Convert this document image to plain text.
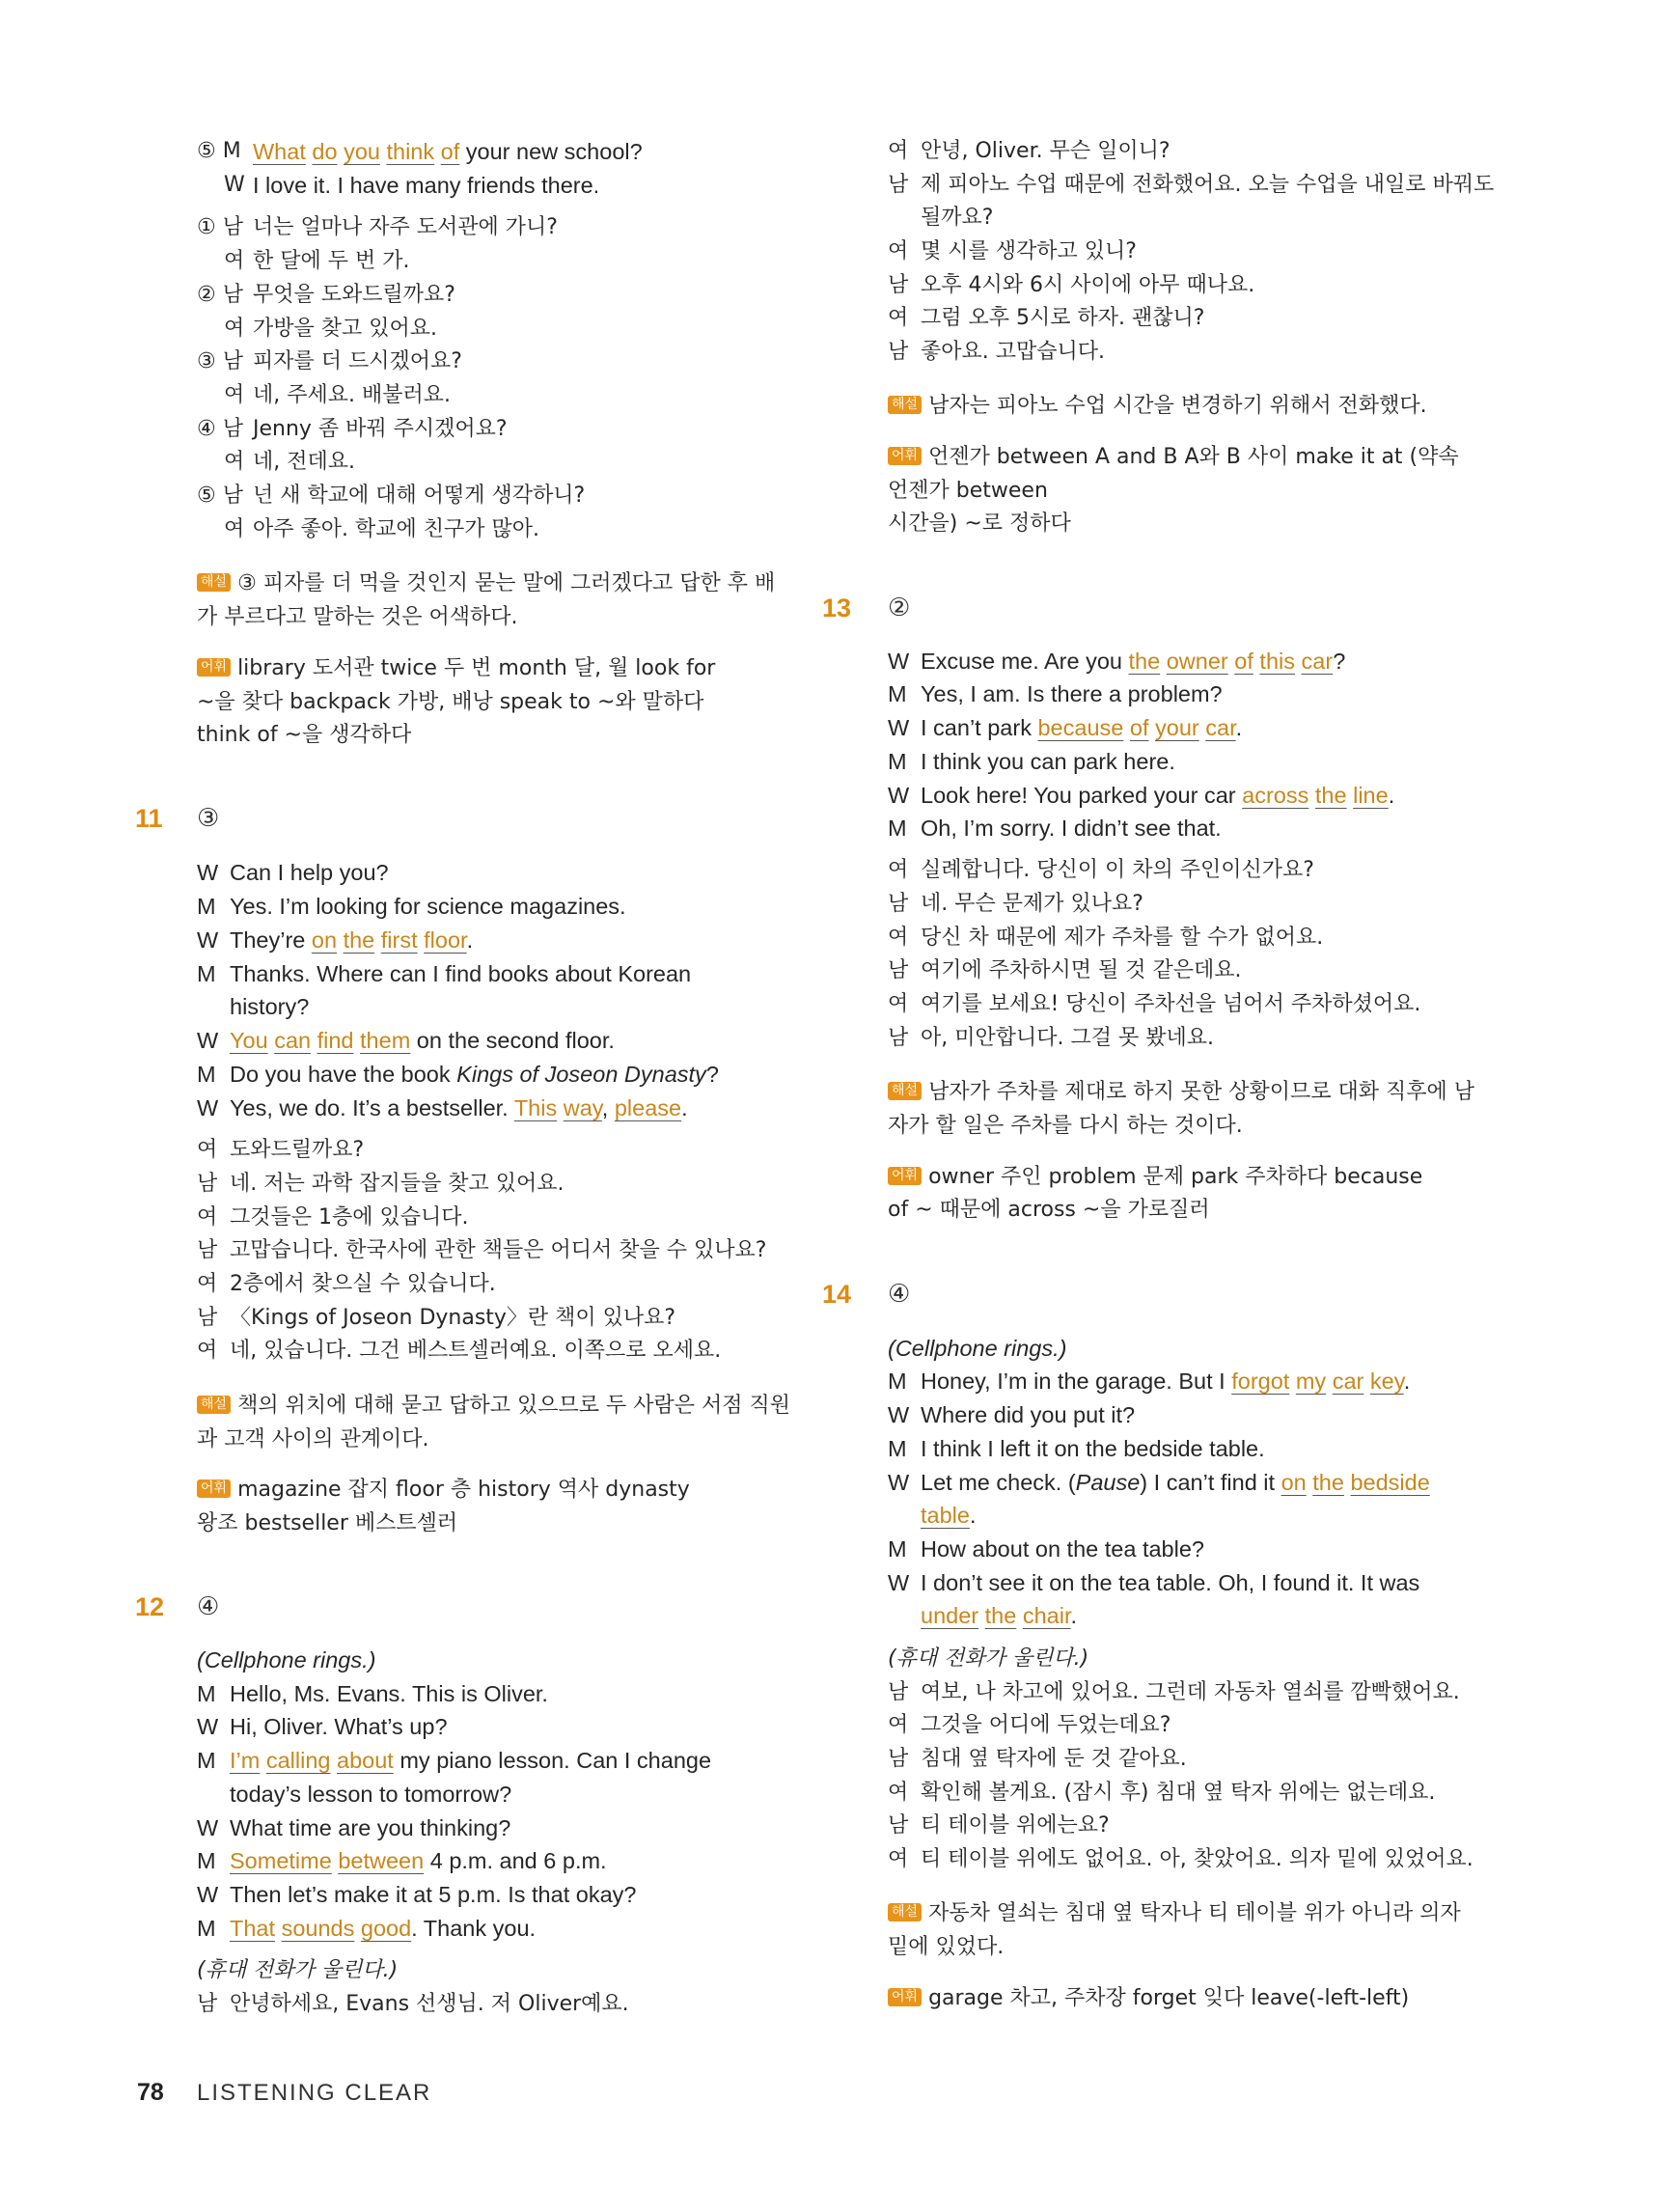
⑤ M What do you think of your new school?
W I love it. I have many friends there.
① 남 너는 얼마나 자주 도서관에 가니?
여 한 달에 두 번 가.
② 남 무엇을 도와드릴까요?
여 가방을 찾고 있어요.
③ 남 피자를 더 드시겠어요?
여 네, 주세요. 배불러요.
④ 남 Jenny 좀 바꿔 주시겠어요?
여 네, 전데요.
⑤ 남 넌 새 학교에 대해 어떻게 생각하니?
여 아주 좋아. 학교에 친구가 많아.
해설 ③ 피자를 더 먹을 것인지 묻는 말에 그러겠다고 답한 후 배
가 부르다고 말하는 것은 어색하다.
어휘 library 도서관 twice 두 번 month 달, 월 look for
~을 찾다 backpack 가방, 배낭 speak to ~와 말하다
think of ~을 생각하다
W Can I help you?
M Yes. I’m looking for science magazines.
W They’re on the first floor.
M Thanks. Where can I find books about Korean
history?
W You can find them on the second floor.
M Do you have the book Kings of Joseon Dynasty?
W Yes, we do. It’s a bestseller. This way, please.
여 도와드릴까요?
남 네. 저는 과학 잡지들을 찾고 있어요.
여 그것들은 1층에 있습니다.
남 고맙습니다. 한국사에 관한 책들은 어디서 찾을 수 있나요?
여 2층에서 찾으실 수 있습니다.
남 〈Kings of Joseon Dynasty〉란 책이 있나요?
여 네, 있습니다. 그건 베스트셀러예요. 이쪽으로 오세요.
해설 책의 위치에 대해 묻고 답하고 있으므로 두 사람은 서점 직원
과 고객 사이의 관계이다.
어휘 magazine 잡지 floor 층 history 역사 dynasty
왕조 bestseller 베스트셀러
(Cellphone rings.)
M Hello, Ms. Evans. This is Oliver.
W Hi, Oliver. What’s up?
M I’m calling about my piano lesson. Can I change
today’s lesson to tomorrow?
W What time are you thinking?
M Sometime between 4 p.m. and 6 p.m.
W Then let’s make it at 5 p.m. Is that okay?
M That sounds good. Thank you.
(휴대 전화가 울린다.)
남 안녕하세요, Evans 선생님. 저 Oliver예요.
여 안녕, Oliver. 무슨 일이니?
남 제 피아노 수업 때문에 전화했어요. 오늘 수업을 내일로 바꿔도
될까요?
여 몇 시를 생각하고 있니?
남 오후 4시와 6시 사이에 아무 때나요.
여 그럼 오후 5시로 하자. 괜찮니?
남 좋아요. 고맙습니다.
해설 남자는 피아노 수업 시간을 변경하기 위해서 전화했다.
어휘 언젠가 between A and B A와 B 사이 make it at (약속
언젠가 between
시간을) ~로 정하다
W Excuse me. Are you the owner of this car?
M Yes, I am. Is there a problem?
W I can’t park because of your car.
M I think you can park here.
W Look here! You parked your car across the line.
M Oh, I’m sorry. I didn’t see that.
여 실례합니다. 당신이 이 차의 주인이신가요?
남 네. 무슨 문제가 있나요?
여 당신 차 때문에 제가 주차를 할 수가 없어요.
남 여기에 주차하시면 될 것 같은데요.
여 여기를 보세요! 당신이 주차선을 넘어서 주차하셨어요.
남 아, 미안합니다. 그걸 못 봤네요.
해설 남자가 주차를 제대로 하지 못한 상황이므로 대화 직후에 남
자가 할 일은 주차를 다시 하는 것이다.
어휘 owner 주인 problem 문제 park 주차하다 because
of ~ 때문에 across ~을 가로질러
(Cellphone rings.)
M Honey, I’m in the garage. But I forgot my car key.
W Where did you put it?
M I think I left it on the bedside table.
W Let me check. (Pause) I can’t find it on the bedside
table.
M How about on the tea table?
W I don’t see it on the tea table. Oh, I found it. It was
under the chair.
(휴대 전화가 울린다.)
남 여보, 나 차고에 있어요. 그런데 자동차 열쇠를 깜빡했어요.
여 그것을 어디에 두었는데요?
남 침대 옆 탁자에 둔 것 같아요.
여 확인해 볼게요. (잠시 후) 침대 옆 탁자 위에는 없는데요.
남 티 테이블 위에는요?
여 티 테이블 위에도 없어요. 아, 찾았어요. 의자 밑에 있었어요.
해설 자동차 열쇠는 침대 옆 탁자나 티 테이블 위가 아니라 의자
밑에 있었다.
어휘 garage 차고, 주차장 forget 잊다 leave(-left-left)
11 ③
12 ④
13 ②
14 ④
78 LISTENING CLEAR
